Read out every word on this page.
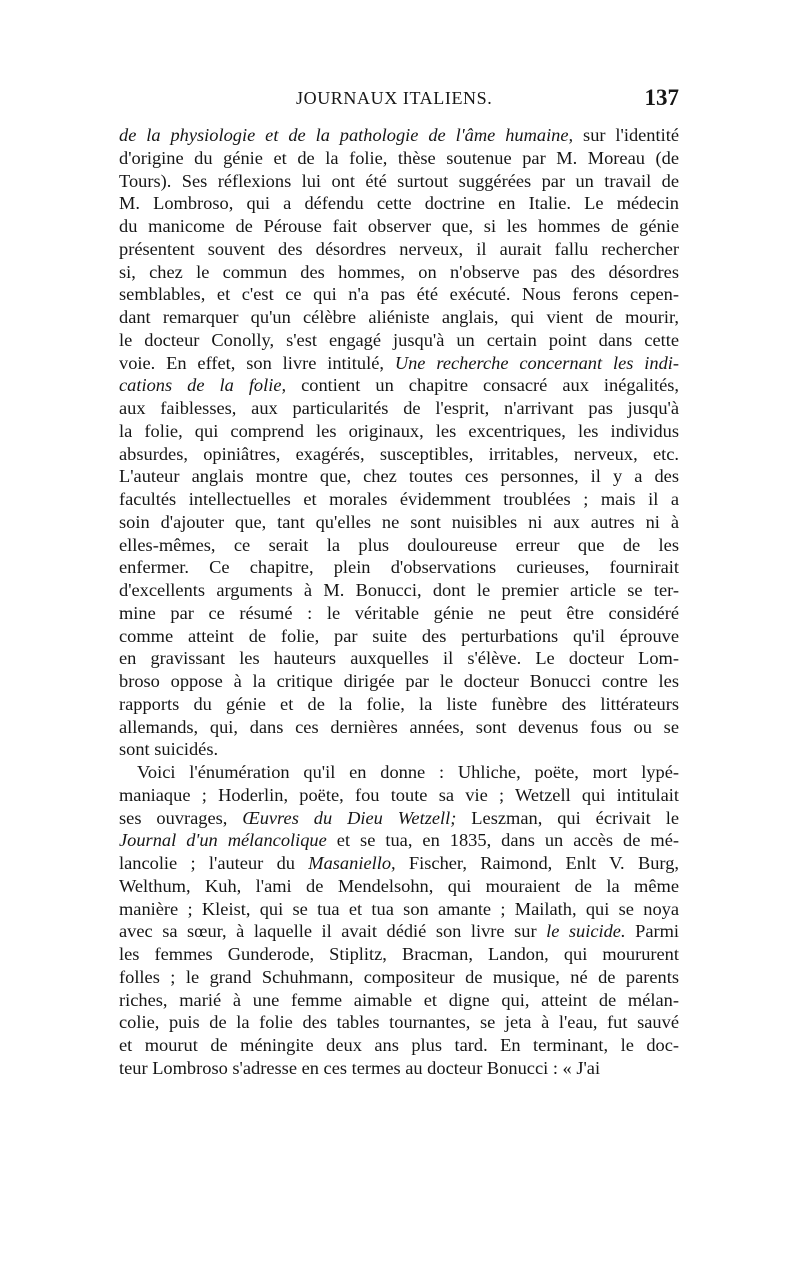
JOURNAUX ITALIENS.	137

de la physiologie et de la pathologie de l'âme humaine, sur l'identité
d'origine du génie et de la folie, thèse soutenue par M. Moreau (de
Tours). Ses réflexions lui ont été surtout suggérées par un travail de
M. Lombroso, qui a défendu cette doctrine en Italie. Le médecin
du manicome de Pérouse fait observer que, si les hommes de génie
présentent souvent des désordres nerveux, il aurait fallu rechercher
si, chez le commun des hommes, on n'observe pas des désordres
semblables, et c'est ce qui n'a pas été exécuté. Nous ferons cepen-
dant remarquer qu'un célèbre aliéniste anglais, qui vient de mourir,
le docteur Conolly, s'est engagé jusqu'à un certain point dans cette
voie. En effet, son livre intitulé, Une recherche concernant les indi-
cations de la folie, contient un chapitre consacré aux inégalités,
aux faiblesses, aux particularités de l'esprit, n'arrivant pas jusqu'à
la folie, qui comprend les originaux, les excentriques, les individus
absurdes, opiniâtres, exagérés, susceptibles, irritables, nerveux, etc.
L'auteur anglais montre que, chez toutes ces personnes, il y a des
facultés intellectuelles et morales évidemment troublées ; mais il a
soin d'ajouter que, tant qu'elles ne sont nuisibles ni aux autres ni à
elles-mêmes, ce serait la plus douloureuse erreur que de les
enfermer. Ce chapitre, plein d'observations curieuses, fournirait
d'excellents arguments à M. Bonucci, dont le premier article se ter-
mine par ce résumé : le véritable génie ne peut être considéré
comme atteint de folie, par suite des perturbations qu'il éprouve
en gravissant les hauteurs auxquelles il s'élève. Le docteur Lom-
broso oppose à la critique dirigée par le docteur Bonucci contre les
rapports du génie et de la folie, la liste funèbre des littérateurs
allemands, qui, dans ces dernières années, sont devenus fous ou se
sont suicidés.

Voici l'énumération qu'il en donne : Uhliche, poëte, mort lypé-
maniaque ; Hoderlin, poëte, fou toute sa vie ; Wetzell qui intitulait
ses ouvrages, Œuvres du Dieu Wetzell; Leszman, qui écrivait le
Journal d'un mélancolique et se tua, en 1835, dans un accès de mé-
lancolie ; l'auteur du Masaniello, Fischer, Raimond, Enlt V. Burg,
Welthum, Kuh, l'ami de Mendelsohn, qui mouraient de la même
manière ; Kleist, qui se tua et tua son amante ; Mailath, qui se noya
avec sa sœur, à laquelle il avait dédié son livre sur le suicide. Parmi
les femmes Gunderode, Stiplitz, Bracman, Landon, qui moururent
folles ; le grand Schuhmann, compositeur de musique, né de parents
riches, marié à une femme aimable et digne qui, atteint de mélan-
colie, puis de la folie des tables tournantes, se jeta à l'eau, fut sauvé
et mourut de méningite deux ans plus tard. En terminant, le doc-
teur Lombroso s'adresse en ces termes au docteur Bonucci : « J'ai
